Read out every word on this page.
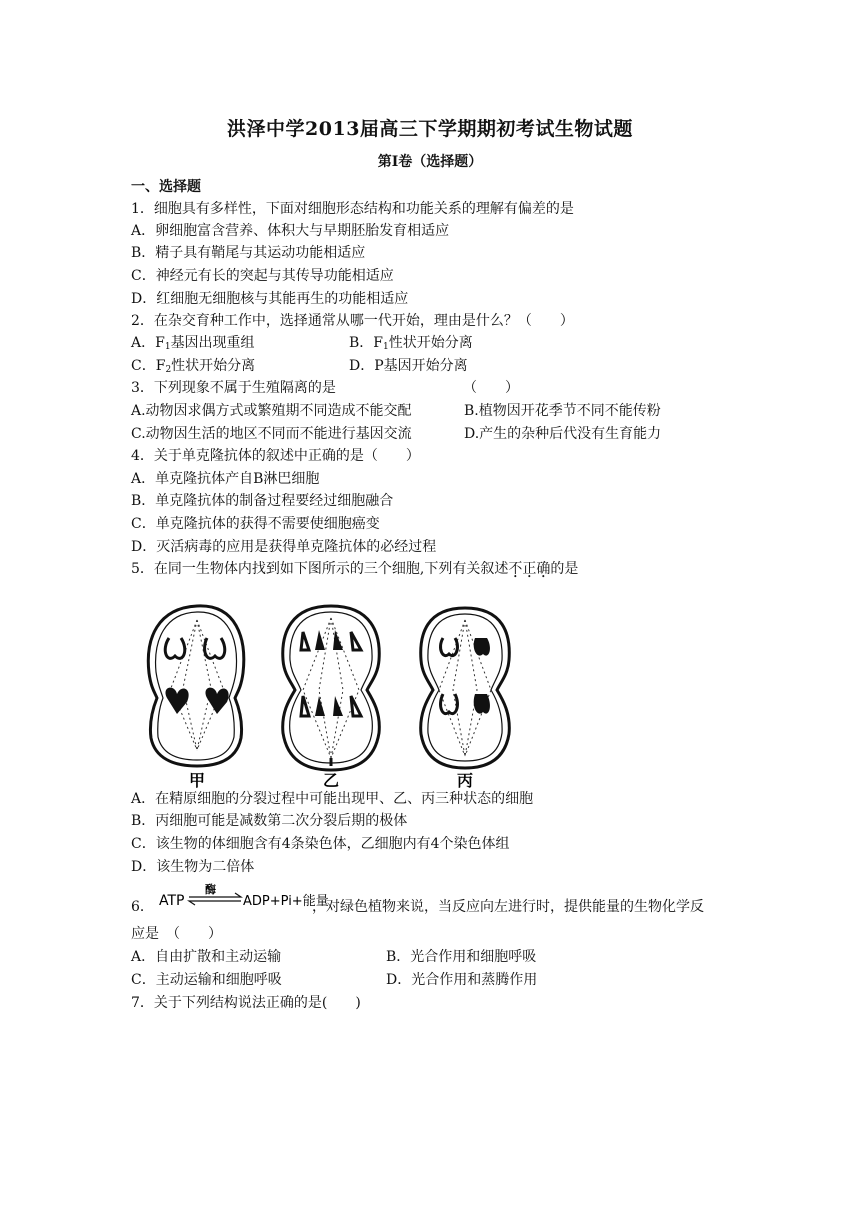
洪泽中学2013届高三下学期期初考试生物试题
第Ⅰ卷（选择题）
一、选择题
1．细胞具有多样性，下面对细胞形态结构和功能关系的理解有偏差的是
A．卵细胞富含营养、体积大与早期胚胎发育相适应
B．精子具有鞘尾与其运动功能相适应
C．神经元有长的突起与其传导功能相适应
D．红细胞无细胞核与其能再生的功能相适应
2．在杂交育种工作中，选择通常从哪一代开始，理由是什么？（　　）
A．$F_1$基因出现重组	B．$F_1$性状开始分离
C．$F_2$性状开始分离	D．P基因开始分离
3．下列现象不属于生殖隔离的是	（　　）
A.动物因求偶方式或繁殖期不同造成不能交配	B.植物因开花季节不同不能传粉
C.动物因生活的地区不同而不能进行基因交流	D.产生的杂种后代没有生育能力
4．关于单克隆抗体的叙述中正确的是（　　）
A．单克隆抗体产自B淋巴细胞
B．单克隆抗体的制备过程要经过细胞融合
C．单克隆抗体的获得不需要使细胞癌变
D．灭活病毒的应用是获得单克隆抗体的必经过程
5．在同一生物体内找到如下图所示的三个细胞,下列有关叙述不正确的是
甲	乙	丙
A．在精原细胞的分裂过程中可能出现甲、乙、丙三种状态的细胞
B．丙细胞可能是减数第二次分裂后期的极体
C．该生物的体细胞含有4条染色体，乙细胞内有4个染色体组
D．该生物为二倍体
6． ATP
酶
ADP+Pi+能量
，对绿色植物来说，当反应向左进行时，提供能量的生物化学反
应是　（　　）
A．自由扩散和主动运输	B．光合作用和细胞呼吸
C．主动运输和细胞呼吸	D．光合作用和蒸腾作用
7．关于下列结构说法正确的是(　　)
